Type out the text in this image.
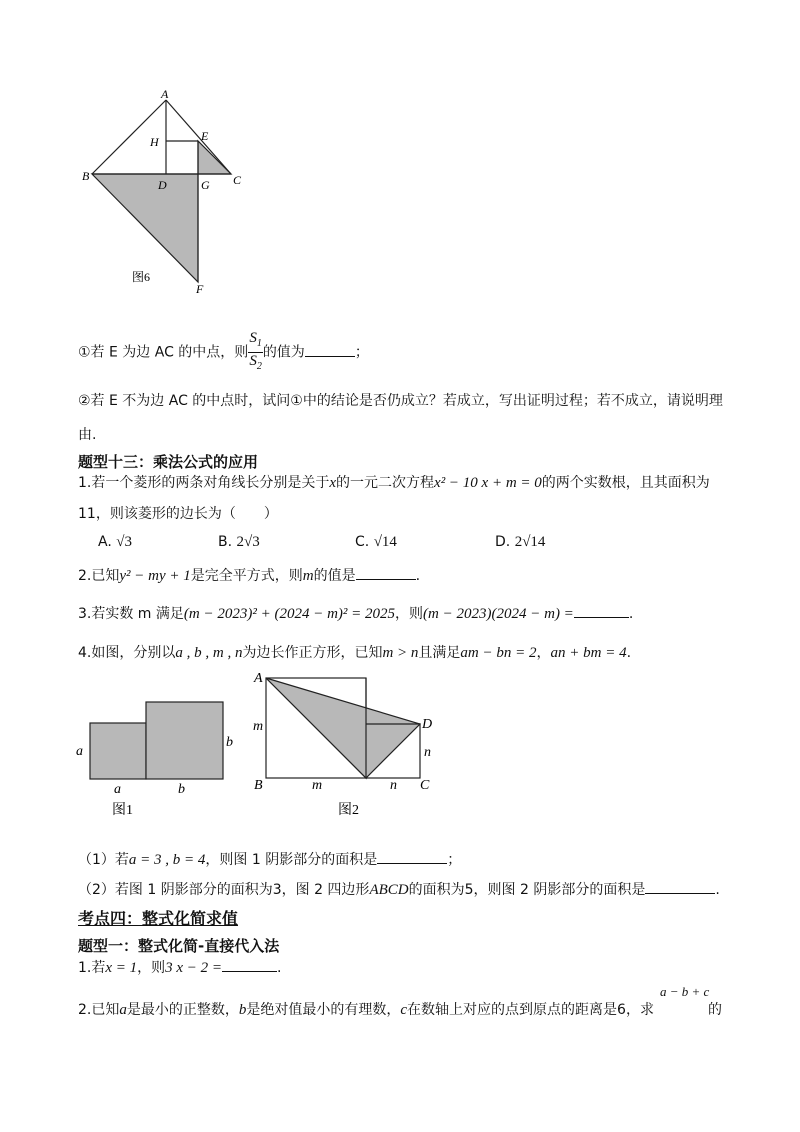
A
H	E
B
D	G C
F
图6
①若 E 为边 AC 的中点，则 $\frac{S_1}{S_2}$ 的值为	；
②若 E 不为边 AC 的中点时，试问①中的结论是否仍成立？若成立，写出证明过程；若不成立，请说明理
由.
题型十三：乘法公式的应用
1.若一个菱形的两条对角线长分别是关于x的一元二次方程x² − 10 x + m = 0的两个实数根，且其面积为
11，则该菱形的边长为（　　）
A. √3	B. 2√3	C. √14	D. 2√14
2.已知y² − my + 1是完全平方式，则m的值是	.
3.若实数 m 满足(m − 2023)² + (2024 − m)² = 2025，则(m − 2023)(2024 − m) =	.
4.如图，分别以a , b , m , n为边长作正方形，已知m > n且满足am − bn = 2，an + bm = 4.
a
b
a	b
图1
A
B	C
D
m
n
m	n
图2
（1）若a = 3 , b = 4，则图 1 阴影部分的面积是	；
（2）若图 1 阴影部分的面积为3，图 2 四边形ABCD的面积为5，则图 2 阴影部分的面积是	.
考点四：整式化简求值
题型一：整式化简-直接代入法
1.若x = 1，则3 x − 2 =	.
2.已知a是最小的正整数，b是绝对值最小的有理数，c在数轴上对应的点到原点的距离是6，求
a − b + c
的
